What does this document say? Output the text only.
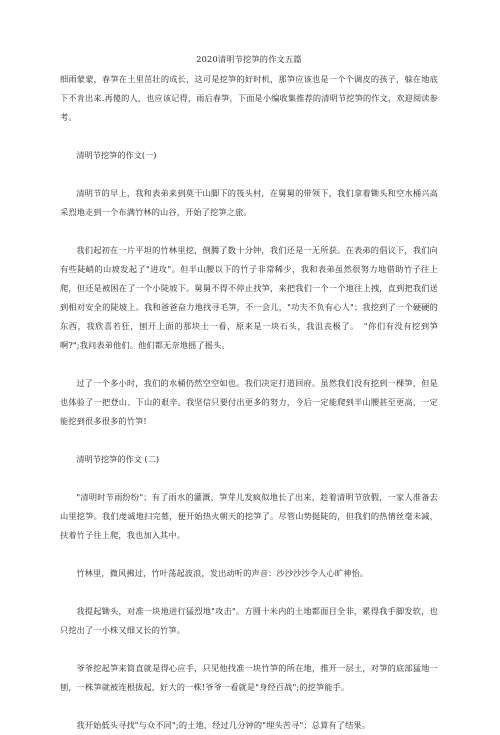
2020清明节挖笋的作文五篇

细雨蒙蒙，春笋在土里茁壮的成长，这可是挖笋的好时机，那笋应该也是一个个调皮的孩子，躲在地底下不肯出来.再傻的人，也应该记得，雨后春笋，下面是小编收集推荐的清明节挖笋的作文，欢迎阅读参考。

清明节挖笋的作文(一)

清明节的早上，我和表弟来到莫干山脚下的筏头村，在舅舅的带领下，我们拿着锄头和空水桶兴高采烈地走到一个布满竹林的山谷，开始了挖笋之旅。

我们起初在一片平坦的竹林里挖，倒腾了数十分钟，我们还是一无所获。在表弟的倡议下，我们向有些陡峭的山坡发起了"进攻"。但半山腰以下的竹子非常稀少，我和表弟虽然很努力地借助竹子往上爬，但还是被困在了一个小陡坡下。舅舅不得不停止找笋，来把我们一个一个地往上拽，直到把我们送到相对安全的陡坡上。我和爸爸奋力地找寻毛笋，不一会儿，"功夫不负有心人"；我挖到了一个硬硬的东西，我欣喜若狂，刨开上面的那块土一看，原来是一块石头，我沮丧极了。　"你们有没有挖到笋啊?";我问表弟他们。他们都无奈地摇了摇头。

过了一个多小时，我们的水桶仍然空空如也。我们决定打道回府。虽然我们没有挖到一棵笋，但是也体验了一把登山、下山的艰辛。我坚信只要付出更多的努力，今后一定能爬到半山腰甚至更高，一定能挖到很多很多的竹笋!

清明节挖笋的作文 (二)

"清明时节雨纷纷"；有了雨水的灌溉，笋芽儿发疯似地长了出来，趁着清明节放假，一家人准备去山里挖笋。我们虔诚地扫完墓，便开始热火朝天的挖笋了。尽管山势挺陡的，但我们的热情丝毫未减，扶着竹子往上爬，我也加入其中。

竹林里，微风拂过，竹叶荡起波浪，发出动听的声音：沙沙沙沙令人心旷神怡。

我提起锄头，对准一块地进行猛烈地"攻击"。方圆十米内的土地都面目全非，累得我手脚发软，也只挖出了一小株又细又长的竹笋。

爷爷挖起笋来简直就是得心应手，只见他找准一块竹笋的所在地，推开一层土，对笋的底部猛地一刨，一株笋就被连根拔起，好大的一株!爷爷一看就是"身经百战";的挖笋能手。

我开始低头寻找"与众不同";的土地，经过几分钟的"埋头苦寻"；总算有了结果。
